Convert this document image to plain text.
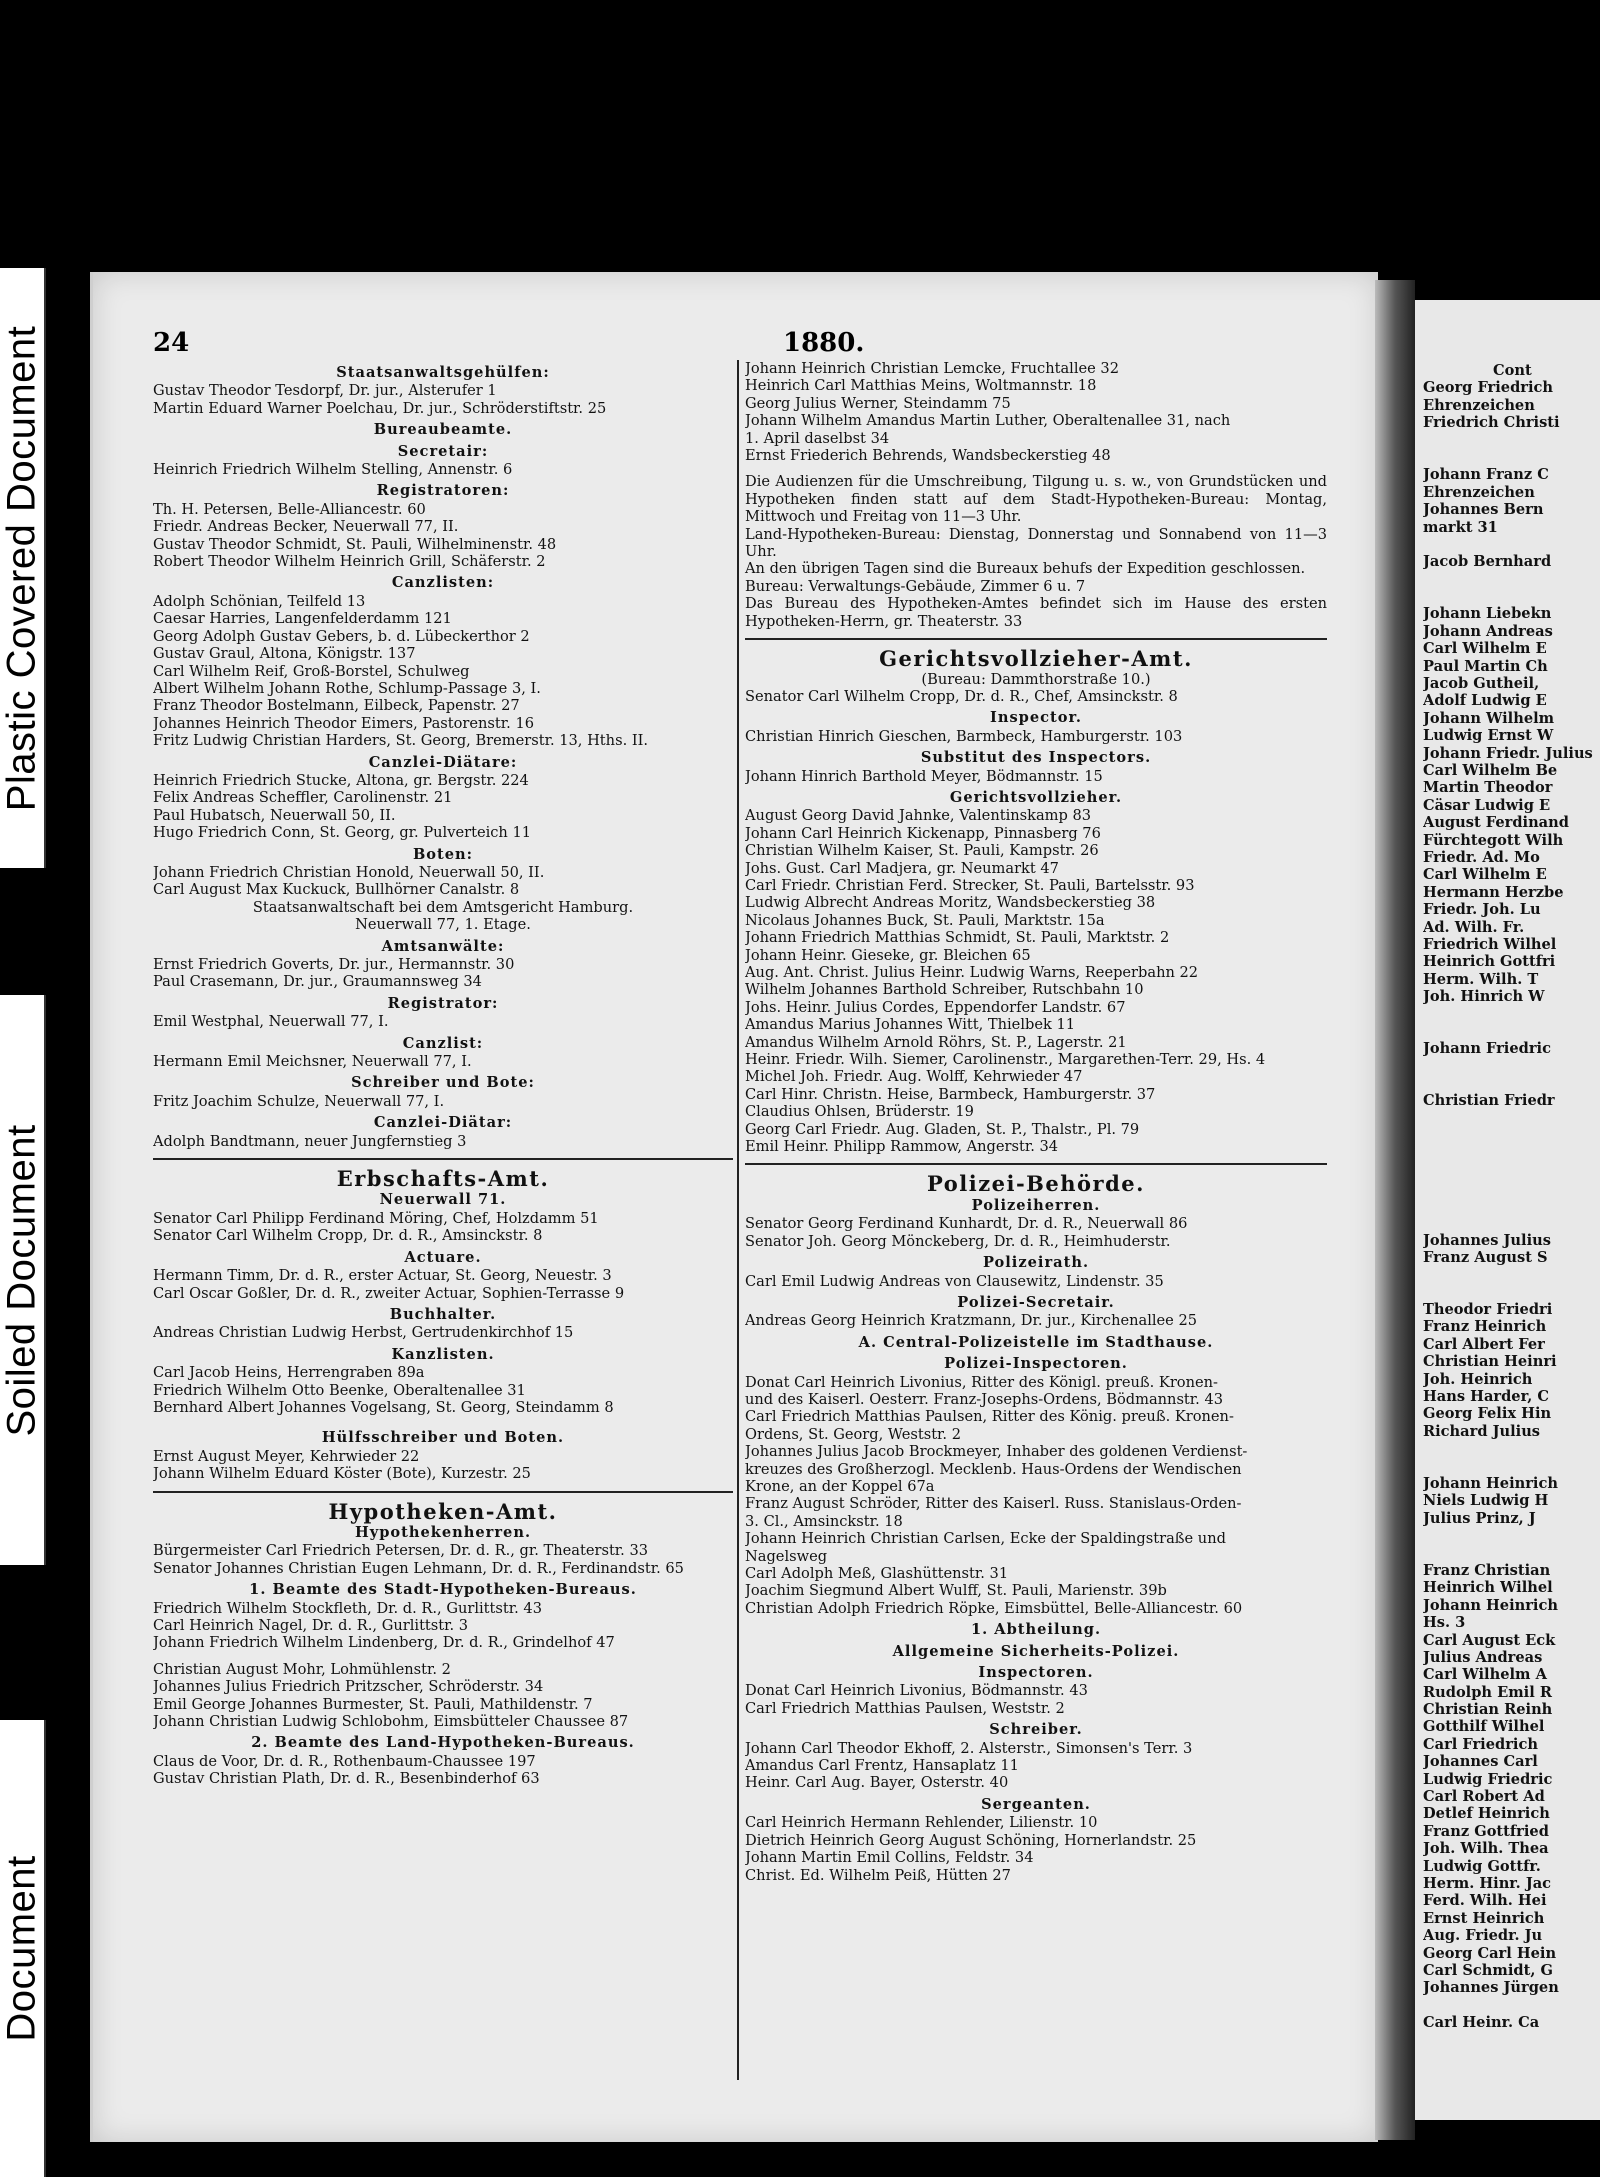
Plastic Covered Document
Soiled Document
Document
24	1880.
Staatsanwaltsgehülfen:
Gustav Theodor Tesdorpf, Dr. jur., Alsterufer 1
Martin Eduard Warner Poelchau, Dr. jur., Schröderstiftstr. 25
Bureaubeamte.
Secretair:
Heinrich Friedrich Wilhelm Stelling, Annenstr. 6
Registratoren:
Th. H. Petersen, Belle-Alliancestr. 60
Friedr. Andreas Becker, Neuerwall 77, II.
Gustav Theodor Schmidt, St. Pauli, Wilhelminenstr. 48
Robert Theodor Wilhelm Heinrich Grill, Schäferstr. 2
Canzlisten:
Adolph Schönian, Teilfeld 13
Caesar Harries, Langenfelderdamm 121
Georg Adolph Gustav Gebers, b. d. Lübeckerthor 2
Gustav Graul, Altona, Königstr. 137
Carl Wilhelm Reif, Groß-Borstel, Schulweg
Albert Wilhelm Johann Rothe, Schlump-Passage 3, I.
Franz Theodor Bostelmann, Eilbeck, Papenstr. 27
Johannes Heinrich Theodor Eimers, Pastorenstr. 16
Fritz Ludwig Christian Harders, St. Georg, Bremerstr. 13, Hths. II.
Canzlei-Diätare:
Heinrich Friedrich Stucke, Altona, gr. Bergstr. 224
Felix Andreas Scheffler, Carolinenstr. 21
Paul Hubatsch, Neuerwall 50, II.
Hugo Friedrich Conn, St. Georg, gr. Pulverteich 11
Boten:
Johann Friedrich Christian Honold, Neuerwall 50, II.
Carl August Max Kuckuck, Bullhörner Canalstr. 8
Staatsanwaltschaft bei dem Amtsgericht Hamburg.
Neuerwall 77, 1. Etage.
Amtsanwälte:
Ernst Friedrich Goverts, Dr. jur., Hermannstr. 30
Paul Crasemann, Dr. jur., Graumannsweg 34
Registrator:
Emil Westphal, Neuerwall 77, I.
Canzlist:
Hermann Emil Meichsner, Neuerwall 77, I.
Schreiber und Bote:
Fritz Joachim Schulze, Neuerwall 77, I.
Canzlei-Diätar:
Adolph Bandtmann, neuer Jungfernstieg 3
Erbschafts-Amt.
Neuerwall 71.
Senator Carl Philipp Ferdinand Möring, Chef, Holzdamm 51
Senator Carl Wilhelm Cropp, Dr. d. R., Amsinckstr. 8
Actuare.
Hermann Timm, Dr. d. R., erster Actuar, St. Georg, Neuestr. 3
Carl Oscar Goßler, Dr. d. R., zweiter Actuar, Sophien-Terrasse 9
Buchhalter.
Andreas Christian Ludwig Herbst, Gertrudenkirchhof 15
Kanzlisten.
Carl Jacob Heins, Herrengraben 89a
Friedrich Wilhelm Otto Beenke, Oberaltenallee 31
Bernhard Albert Johannes Vogelsang, St. Georg, Steindamm 8
Hülfsschreiber und Boten.
Ernst August Meyer, Kehrwieder 22
Johann Wilhelm Eduard Köster (Bote), Kurzestr. 25
Hypotheken-Amt.
Hypothekenherren.
Bürgermeister Carl Friedrich Petersen, Dr. d. R., gr. Theaterstr. 33
Senator Johannes Christian Eugen Lehmann, Dr. d. R., Ferdinandstr. 65
1. Beamte des Stadt-Hypotheken-Bureaus.
Friedrich Wilhelm Stockfleth, Dr. d. R., Gurlittstr. 43
Carl Heinrich Nagel, Dr. d. R., Gurlittstr. 3
Johann Friedrich Wilhelm Lindenberg, Dr. d. R., Grindelhof 47
Christian August Mohr, Lohmühlenstr. 2
Johannes Julius Friedrich Pritzscher, Schröderstr. 34
Emil George Johannes Burmester, St. Pauli, Mathildenstr. 7
Johann Christian Ludwig Schlobohm, Eimsbütteler Chaussee 87
2. Beamte des Land-Hypotheken-Bureaus.
Claus de Voor, Dr. d. R., Rothenbaum-Chaussee 197
Gustav Christian Plath, Dr. d. R., Besenbinderhof 63
Johann Heinrich Christian Lemcke, Fruchtallee 32
Heinrich Carl Matthias Meins, Woltmannstr. 18
Georg Julius Werner, Steindamm 75
Johann Wilhelm Amandus Martin Luther, Oberaltenallee 31, nach
1. April daselbst 34
Ernst Friederich Behrends, Wandsbeckerstieg 48
Die Audienzen für die Umschreibung, Tilgung u. s. w., von Grundstücken und Hypotheken finden statt auf dem Stadt-Hypotheken-Bureau: Montag, Mittwoch und Freitag von 11—3 Uhr.
Land-Hypotheken-Bureau: Dienstag, Donnerstag und Sonnabend von 11—3 Uhr.
An den übrigen Tagen sind die Bureaux behufs der Expedition geschlossen.
Bureau: Verwaltungs-Gebäude, Zimmer 6 u. 7
Das Bureau des Hypotheken-Amtes befindet sich im Hause des ersten Hypotheken-Herrn, gr. Theaterstr. 33
Gerichtsvollzieher-Amt.
(Bureau: Dammthorstraße 10.)
Senator Carl Wilhelm Cropp, Dr. d. R., Chef, Amsinckstr. 8
Inspector.
Christian Hinrich Gieschen, Barmbeck, Hamburgerstr. 103
Substitut des Inspectors.
Johann Hinrich Barthold Meyer, Bödmannstr. 15
Gerichtsvollzieher.
August Georg David Jahnke, Valentinskamp 83
Johann Carl Heinrich Kickenapp, Pinnasberg 76
Christian Wilhelm Kaiser, St. Pauli, Kampstr. 26
Johs. Gust. Carl Madjera, gr. Neumarkt 47
Carl Friedr. Christian Ferd. Strecker, St. Pauli, Bartelsstr. 93
Ludwig Albrecht Andreas Moritz, Wandsbeckerstieg 38
Nicolaus Johannes Buck, St. Pauli, Marktstr. 15a
Johann Friedrich Matthias Schmidt, St. Pauli, Marktstr. 2
Johann Heinr. Gieseke, gr. Bleichen 65
Aug. Ant. Christ. Julius Heinr. Ludwig Warns, Reeperbahn 22
Wilhelm Johannes Barthold Schreiber, Rutschbahn 10
Johs. Heinr. Julius Cordes, Eppendorfer Landstr. 67
Amandus Marius Johannes Witt, Thielbek 11
Amandus Wilhelm Arnold Röhrs, St. P., Lagerstr. 21
Heinr. Friedr. Wilh. Siemer, Carolinenstr., Margarethen-Terr. 29, Hs. 4
Michel Joh. Friedr. Aug. Wolff, Kehrwieder 47
Carl Hinr. Christn. Heise, Barmbeck, Hamburgerstr. 37
Claudius Ohlsen, Brüderstr. 19
Georg Carl Friedr. Aug. Gladen, St. P., Thalstr., Pl. 79
Emil Heinr. Philipp Rammow, Angerstr. 34
Polizei-Behörde.
Polizeiherren.
Senator Georg Ferdinand Kunhardt, Dr. d. R., Neuerwall 86
Senator Joh. Georg Mönckeberg, Dr. d. R., Heimhuderstr.
Polizeirath.
Carl Emil Ludwig Andreas von Clausewitz, Lindenstr. 35
Polizei-Secretair.
Andreas Georg Heinrich Kratzmann, Dr. jur., Kirchenallee 25
A. Central-Polizeistelle im Stadthause.
Polizei-Inspectoren.
Donat Carl Heinrich Livonius, Ritter des Königl. preuß. Kronen-
und des Kaiserl. Oesterr. Franz-Josephs-Ordens, Bödmannstr. 43
Carl Friedrich Matthias Paulsen, Ritter des König. preuß. Kronen-
Ordens, St. Georg, Weststr. 2
Johannes Julius Jacob Brockmeyer, Inhaber des goldenen Verdienst-
kreuzes des Großherzogl. Mecklenb. Haus-Ordens der Wendischen
Krone, an der Koppel 67a
Franz August Schröder, Ritter des Kaiserl. Russ. Stanislaus-Orden-
3. Cl., Amsinckstr. 18
Johann Heinrich Christian Carlsen, Ecke der Spaldingstraße und
Nagelsweg
Carl Adolph Meß, Glashüttenstr. 31
Joachim Siegmund Albert Wulff, St. Pauli, Marienstr. 39b
Christian Adolph Friedrich Röpke, Eimsbüttel, Belle-Alliancestr. 60
1. Abtheilung.
Allgemeine Sicherheits-Polizei.
Inspectoren.
Donat Carl Heinrich Livonius, Bödmannstr. 43
Carl Friedrich Matthias Paulsen, Weststr. 2
Schreiber.
Johann Carl Theodor Ekhoff, 2. Alsterstr., Simonsen's Terr. 3
Amandus Carl Frentz, Hansaplatz 11
Heinr. Carl Aug. Bayer, Osterstr. 40
Sergeanten.
Carl Heinrich Hermann Rehlender, Lilienstr. 10
Dietrich Heinrich Georg August Schöning, Hornerlandstr. 25
Johann Martin Emil Collins, Feldstr. 34
Christ. Ed. Wilhelm Peiß, Hütten 27
Cont
Georg Friedrich
Ehrenzeichen
Friedrich Christi
Johann Franz C
Ehrenzeichen
Johannes Bern
markt 31
Jacob Bernhard
Johann Liebekn
Johann Andreas
Carl Wilhelm E
Paul Martin Ch
Jacob Gutheil,
Adolf Ludwig E
Johann Wilhelm
Ludwig Ernst W
Johann Friedr. Julius
Carl Wilhelm Be
Martin Theodor
Cäsar Ludwig E
August Ferdinand
Fürchtegott Wilh
Friedr. Ad. Mo
Carl Wilhelm E
Hermann Herzbe
Friedr. Joh. Lu
Ad. Wilh. Fr.
Friedrich Wilhel
Heinrich Gottfri
Herm. Wilh. T
Joh. Hinrich W
Johann Friedric
Christian Friedr
Johannes Julius
Franz August S
Theodor Friedri
Franz Heinrich
Carl Albert Fer
Christian Heinri
Joh. Heinrich
Hans Harder, C
Georg Felix Hin
Richard Julius
Johann Heinrich
Niels Ludwig H
Julius Prinz, J
Franz Christian
Heinrich Wilhel
Johann Heinrich
Hs. 3
Carl August Eck
Julius Andreas
Carl Wilhelm A
Rudolph Emil R
Christian Reinh
Gotthilf Wilhel
Carl Friedrich
Johannes Carl
Ludwig Friedric
Carl Robert Ad
Detlef Heinrich
Franz Gottfried
Joh. Wilh. Thea
Ludwig Gottfr.
Herm. Hinr. Jac
Ferd. Wilh. Hei
Ernst Heinrich
Aug. Friedr. Ju
Georg Carl Hein
Carl Schmidt, G
Johannes Jürgen
Carl Heinr. Ca
